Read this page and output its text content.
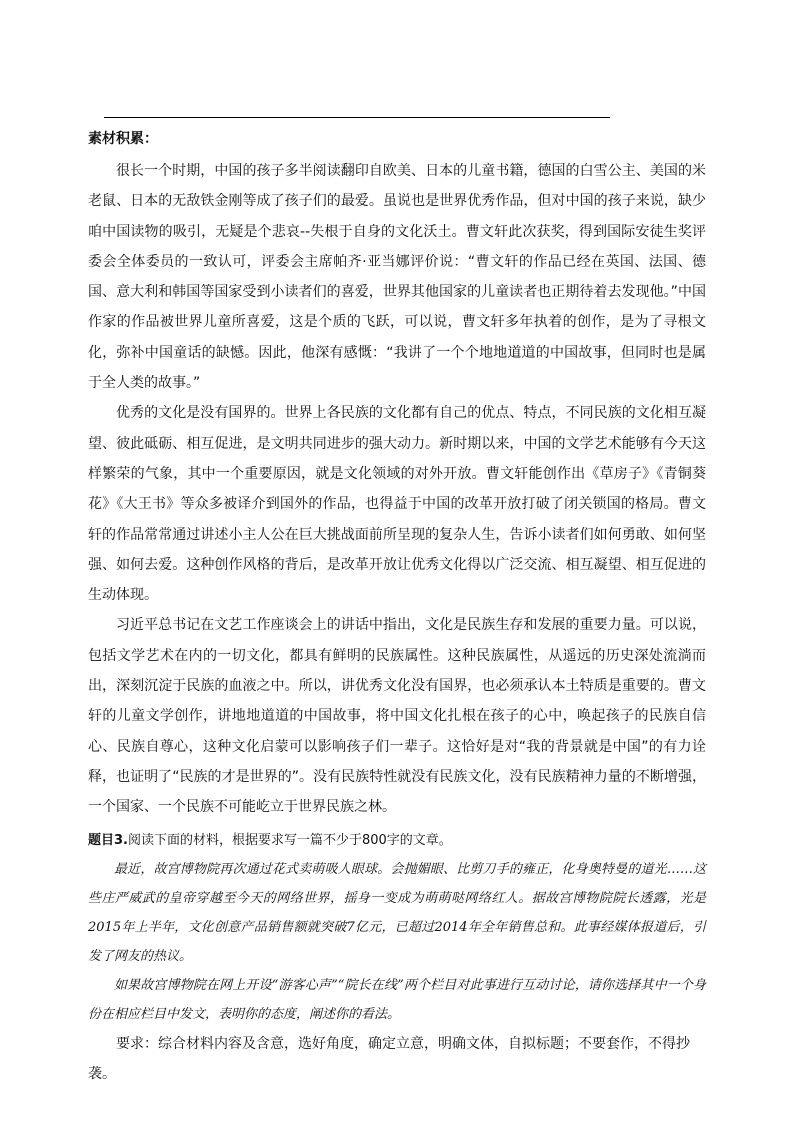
素材积累：

很长一个时期，中国的孩子多半阅读翻印自欧美、日本的儿童书籍，德国的白雪公主、美国的米老鼠、日本的无敌铁金刚等成了孩子们的最爱。虽说也是世界优秀作品，但对中国的孩子来说，缺少咱中国读物的吸引，无疑是个悲哀--失根于自身的文化沃土。曹文轩此次获奖，得到国际安徒生奖评委会全体委员的一致认可，评委会主席帕齐·亚当娜评价说：“曹文轩的作品已经在英国、法国、德国、意大利和韩国等国家受到小读者们的喜爱，世界其他国家的儿童读者也正期待着去发现他。”中国作家的作品被世界儿童所喜爱，这是个质的飞跃，可以说，曹文轩多年执着的创作，是为了寻根文化，弥补中国童话的缺憾。因此，他深有感慨：“我讲了一个个地地道道的中国故事，但同时也是属于全人类的故事。”

优秀的文化是没有国界的。世界上各民族的文化都有自己的优点、特点，不同民族的文化相互凝望、彼此砥砺、相互促进，是文明共同进步的强大动力。新时期以来，中国的文学艺术能够有今天这样繁荣的气象，其中一个重要原因，就是文化领域的对外开放。曹文轩能创作出《草房子》《青铜葵花》《大王书》等众多被译介到国外的作品，也得益于中国的改革开放打破了闭关锁国的格局。曹文轩的作品常常通过讲述小主人公在巨大挑战面前所呈现的复杂人生，告诉小读者们如何勇敢、如何坚强、如何去爱。这种创作风格的背后，是改革开放让优秀文化得以广泛交流、相互凝望、相互促进的生动体现。

习近平总书记在文艺工作座谈会上的讲话中指出，文化是民族生存和发展的重要力量。可以说，包括文学艺术在内的一切文化，都具有鲜明的民族属性。这种民族属性，从遥远的历史深处流淌而出，深刻沉淀于民族的血液之中。所以，讲优秀文化没有国界，也必须承认本土特质是重要的。曹文轩的儿童文学创作，讲地地道道的中国故事，将中国文化扎根在孩子的心中，唤起孩子的民族自信心、民族自尊心，这种文化启蒙可以影响孩子们一辈子。这恰好是对“我的背景就是中国”的有力诠释，也证明了“民族的才是世界的”。没有民族特性就没有民族文化，没有民族精神力量的不断增强，一个国家、一个民族不可能屹立于世界民族之林。

题目3.阅读下面的材料，根据要求写一篇不少于800字的文章。

最近，故宫博物院再次通过花式卖萌吸人眼球。会抛媚眼、比剪刀手的雍正，化身奥特曼的道光……这些庄严威武的皇帝穿越至今天的网络世界，摇身一变成为萌萌哒网络红人。据故宫博物院院长透露，光是2015年上半年，文化创意产品销售额就突破7亿元，已超过2014年全年销售总和。此事经媒体报道后，引发了网友的热议。

如果故宫博物院在网上开设“游客心声”“院长在线”两个栏目对此事进行互动讨论，请你选择其中一个身份在相应栏目中发文，表明你的态度，阐述你的看法。

要求：综合材料内容及含意，选好角度，确定立意，明确文体，自拟标题；不要套作，不得抄袭。
